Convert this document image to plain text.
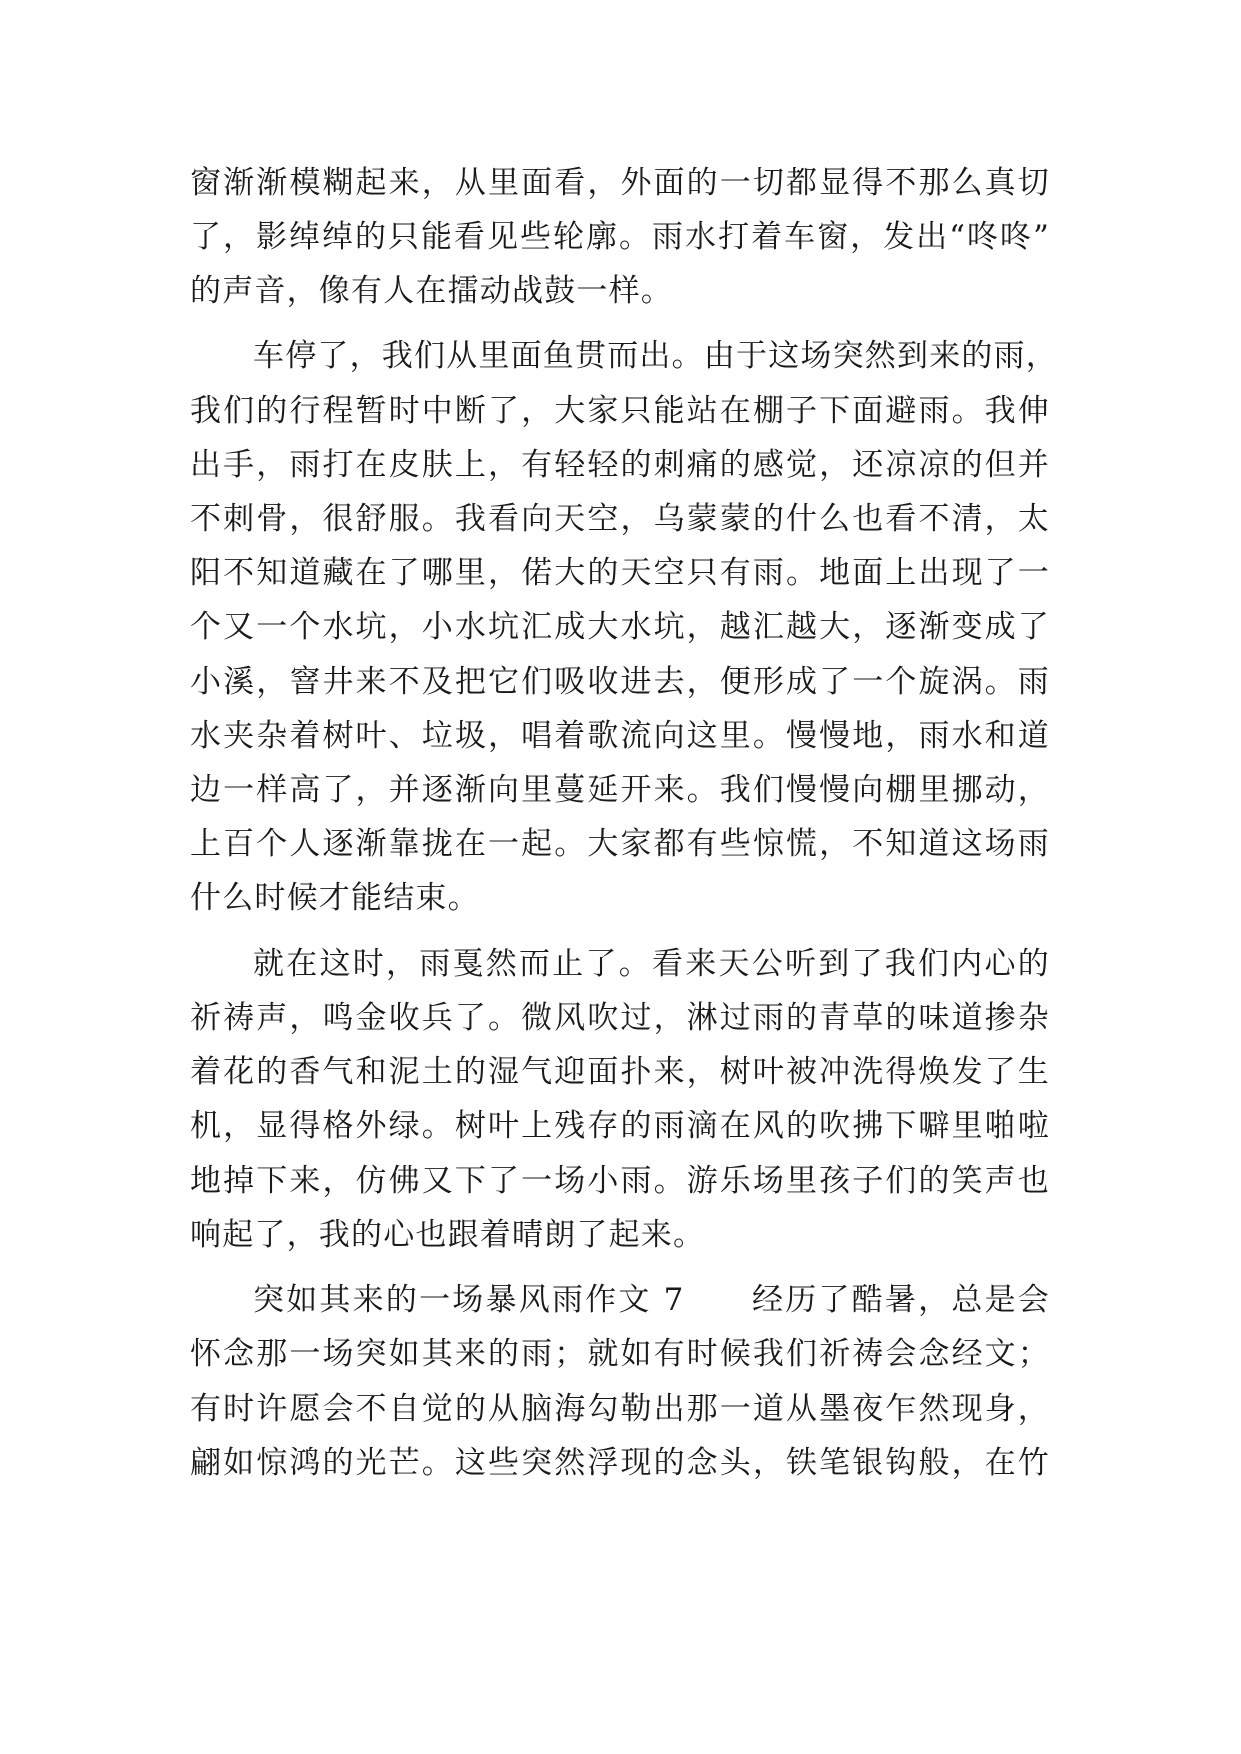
窗渐渐模糊起来，从里面看，外面的一切都显得不那么真切
了，影绰绰的只能看见些轮廓。雨水打着车窗，发出“咚咚”
的声音，像有人在擂动战鼓一样。
车停了，我们从里面鱼贯而出。由于这场突然到来的雨，
我们的行程暂时中断了，大家只能站在棚子下面避雨。我伸
出手，雨打在皮肤上，有轻轻的刺痛的感觉，还凉凉的但并
不刺骨，很舒服。我看向天空，乌蒙蒙的什么也看不清，太
阳不知道藏在了哪里，偌大的天空只有雨。地面上出现了一
个又一个水坑，小水坑汇成大水坑，越汇越大，逐渐变成了
小溪，窨井来不及把它们吸收进去，便形成了一个旋涡。雨
水夹杂着树叶、垃圾，唱着歌流向这里。慢慢地，雨水和道
边一样高了，并逐渐向里蔓延开来。我们慢慢向棚里挪动，
上百个人逐渐靠拢在一起。大家都有些惊慌，不知道这场雨
什么时候才能结束。
就在这时，雨戛然而止了。看来天公听到了我们内心的
祈祷声，鸣金收兵了。微风吹过，淋过雨的青草的味道掺杂
着花的香气和泥土的湿气迎面扑来，树叶被冲洗得焕发了生
机，显得格外绿。树叶上残存的雨滴在风的吹拂下噼里啪啦
地掉下来，仿佛又下了一场小雨。游乐场里孩子们的笑声也
响起了，我的心也跟着晴朗了起来。
突如其来的一场暴风雨作文 7　　经历了酷暑，总是会
怀念那一场突如其来的雨；就如有时候我们祈祷会念经文；
有时许愿会不自觉的从脑海勾勒出那一道从墨夜乍然现身，
翩如惊鸿的光芒。这些突然浮现的念头，铁笔银钩般，在竹
